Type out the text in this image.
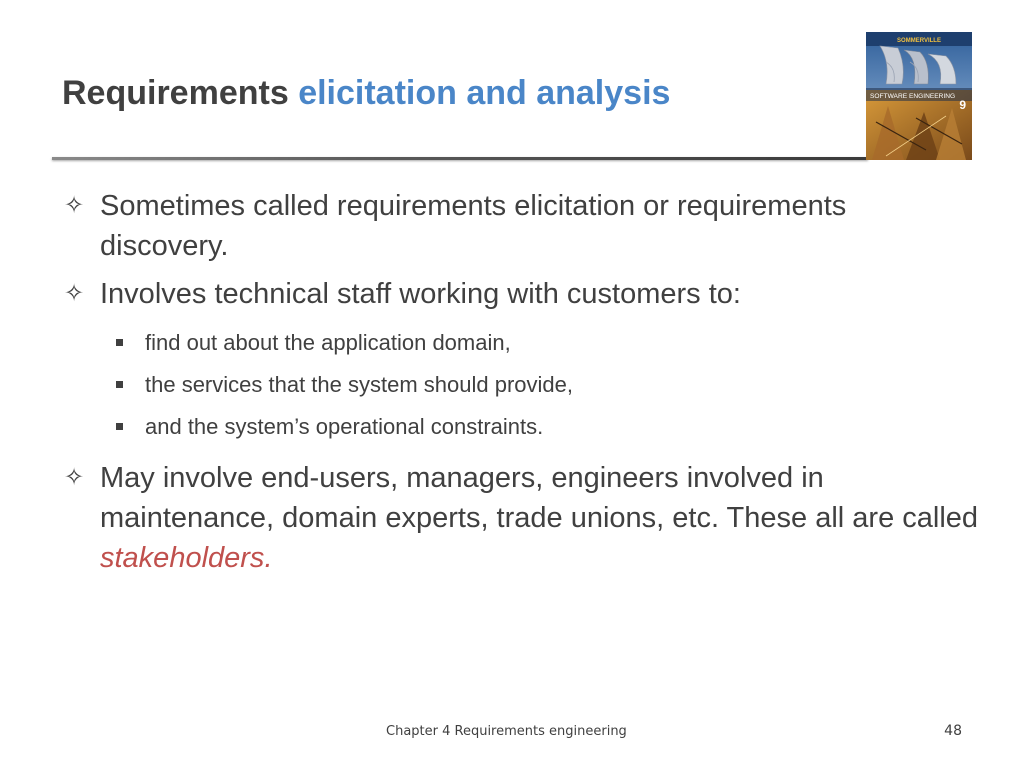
Requirements elicitation and analysis
SOMMERVILLE
SOFTWARE ENGINEERING
9
✧ Sometimes called requirements elicitation or requirements discovery.
✧ Involves technical staff working with customers to:
find out about the application domain,
the services that the system should provide,
and the system’s operational constraints.
✧ May involve end-users, managers, engineers involved in maintenance, domain experts, trade unions, etc. These all are called stakeholders.
Chapter 4 Requirements engineering	48
